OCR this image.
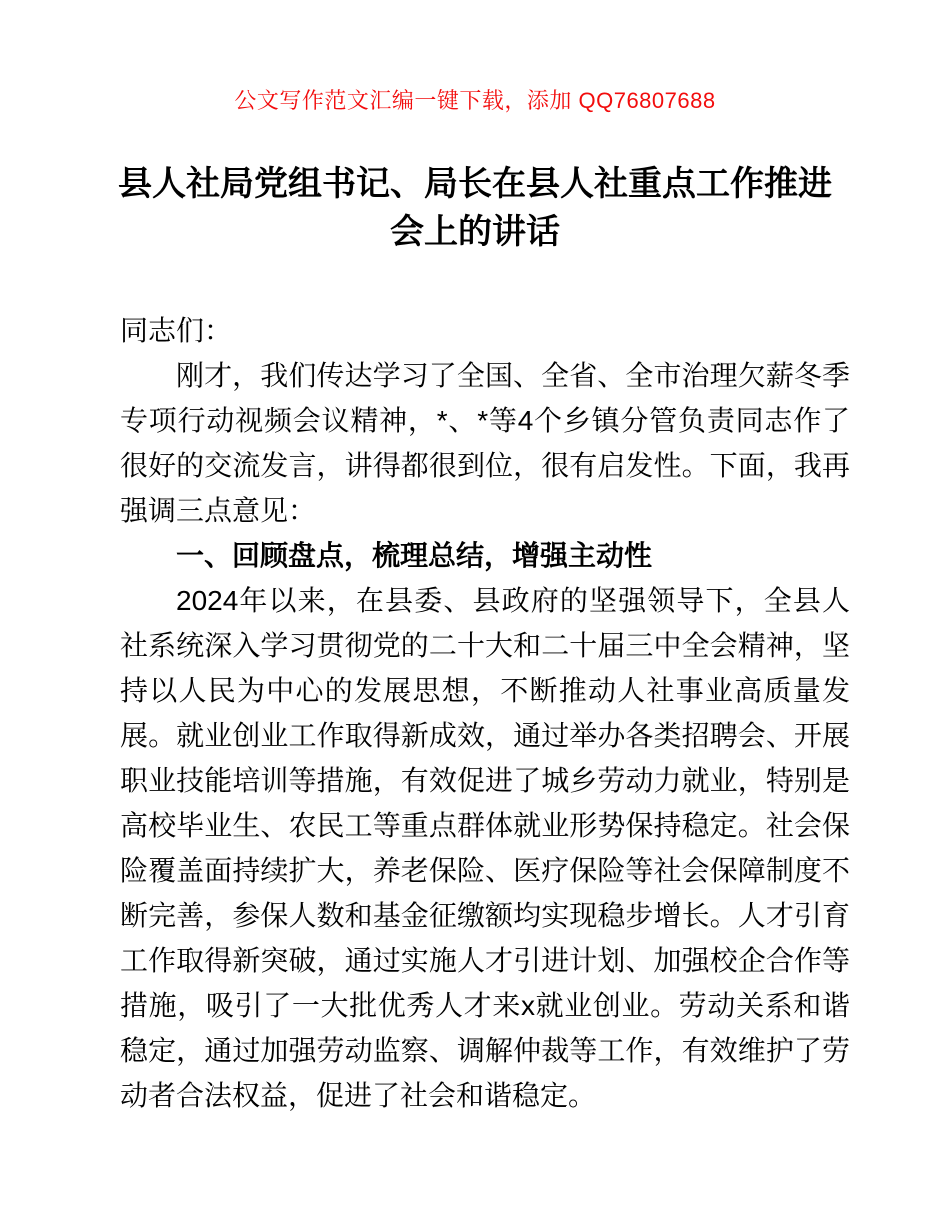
公文写作范文汇编一键下载，添加 QQ76807688
县人社局党组书记、局长在县人社重点工作推进会上的讲话

同志们：

刚才，我们传达学习了全国、全省、全市治理欠薪冬季专项行动视频会议精神，*、*等4个乡镇分管负责同志作了很好的交流发言，讲得都很到位，很有启发性。下面，我再强调三点意见：

一、回顾盘点，梳理总结，增强主动性

2024年以来，在县委、县政府的坚强领导下，全县人社系统深入学习贯彻党的二十大和二十届三中全会精神，坚持以人民为中心的发展思想，不断推动人社事业高质量发展。就业创业工作取得新成效，通过举办各类招聘会、开展职业技能培训等措施，有效促进了城乡劳动力就业，特别是高校毕业生、农民工等重点群体就业形势保持稳定。社会保险覆盖面持续扩大，养老保险、医疗保险等社会保障制度不断完善，参保人数和基金征缴额均实现稳步增长。人才引育工作取得新突破，通过实施人才引进计划、加强校企合作等措施，吸引了一大批优秀人才来x就业创业。劳动关系和谐稳定，通过加强劳动监察、调解仲裁等工作，有效维护了劳动者合法权益，促进了社会和谐稳定。
